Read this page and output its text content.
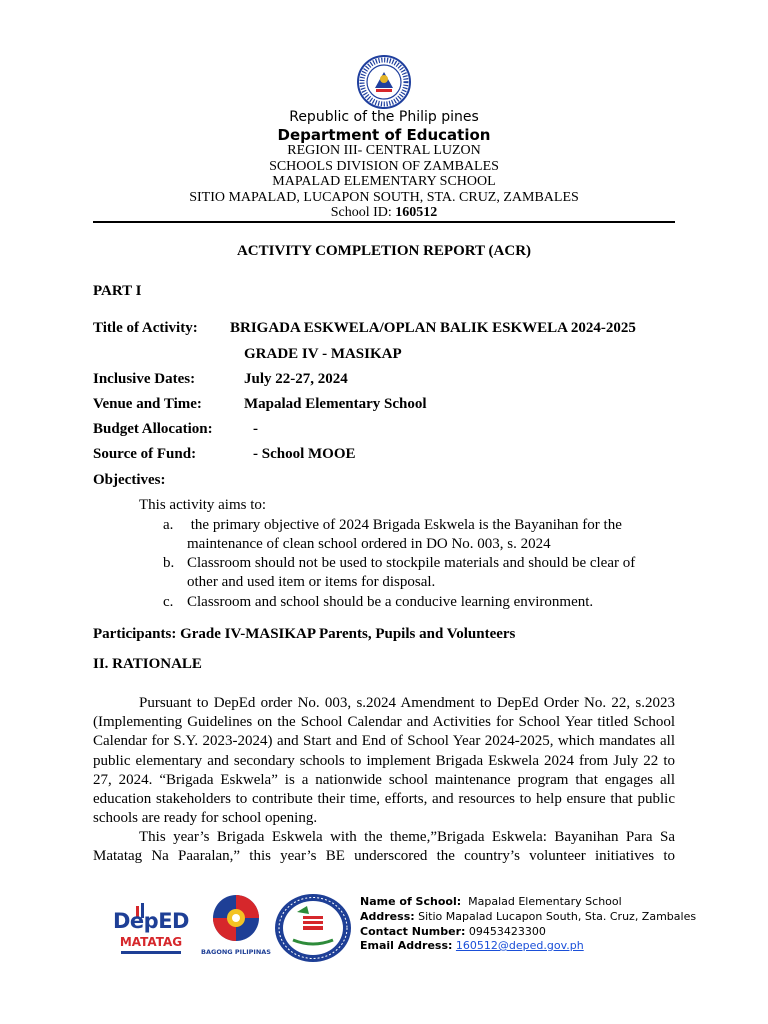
Republic of the Philip pines
Department of Education
REGION III- CENTRAL LUZON
SCHOOLS DIVISION OF ZAMBALES
MAPALAD ELEMENTARY SCHOOL
SITIO MAPALAD, LUCAPON SOUTH, STA. CRUZ, ZAMBALES
School ID: 160512
ACTIVITY COMPLETION REPORT (ACR)
PART I
Title of Activity: BRIGADA ESKWELA/OPLAN BALIK ESKWELA 2024-2025
GRADE IV - MASIKAP
Inclusive Dates:	July 22-27, 2024
Venue and Time:	Mapalad Elementary School
Budget Allocation:	-
Source of Fund:	- School MOOE
Objectives:
This activity aims to:
a. the primary objective of 2024 Brigada Eskwela is the Bayanihan for the
maintenance of clean school ordered in DO No. 003, s. 2024
b. Classroom should not be used to stockpile materials and should be clear of
other and used item or items for disposal.
c. Classroom and school should be a conducive learning environment.
Participants: Grade IV-MASIKAP Parents, Pupils and Volunteers
II. RATIONALE
Pursuant to DepEd order No. 003, s.2024 Amendment to DepEd Order No. 22, s.2023 (Implementing Guidelines on the School Calendar and Activities for School Year titled School Calendar for S.Y. 2023-2024) and Start and End of School Year 2024-2025, which mandates all public elementary and secondary schools to implement Brigada Eskwela 2024 from July 22 to 27, 2024. “Brigada Eskwela” is a nationwide school maintenance program that engages all education stakeholders to contribute their time, efforts, and resources to help ensure that public schools are ready for school opening.
This year’s Brigada Eskwela with the theme,”Brigada Eskwela: Bayanihan Para Sa Matatag Na Paaralan,” this year’s BE underscored the country’s volunteer initiatives to
DepED
MATATAG
BAGONG PILIPINAS
Name of School:  Mapalad Elementary School
Address: Sitio Mapalad Lucapon South, Sta. Cruz, Zambales
Contact Number: 09453423300
Email Address: 160512@deped.gov.ph
